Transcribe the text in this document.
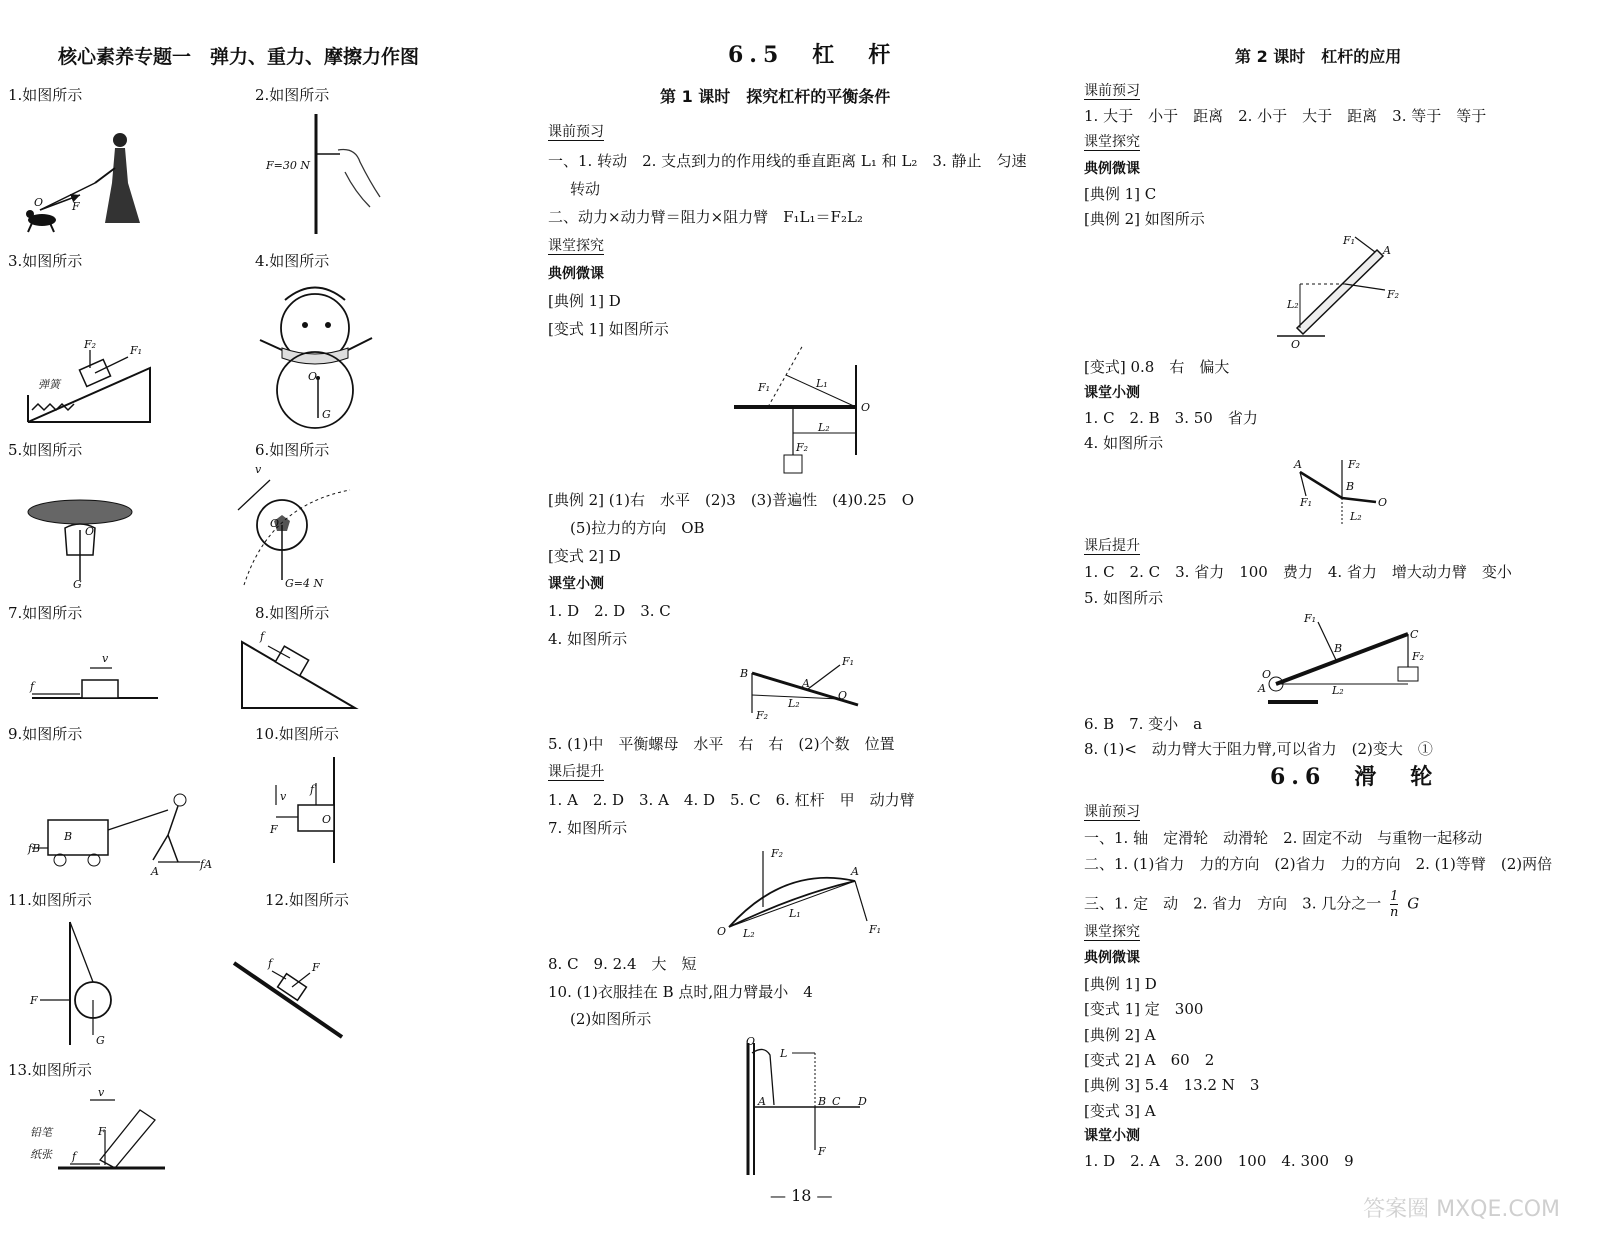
核心素养专题一　弹力、重力、摩擦力作图
1.如图所示	2.如图所示
3.如图所示	4.如图所示
5.如图所示	6.如图所示
7.如图所示	8.如图所示
9.如图所示	10.如图所示
11.如图所示	12.如图所示
13.如图所示
O	F
F=30 N
弹簧
F₂	F₁
O
G
O
G
v
O
G=4 N
v
f
f
B
fB
A
fA
v
f
F
O
F
G
f	F
v
铅笔
纸张
F
f
6.5　杠　杆
第 1 课时　探究杠杆的平衡条件
课前预习
一、1. 转动　2. 支点到力的作用线的垂直距离 L₁ 和 L₂　3. 静止　匀速
转动
二、动力×动力臂＝阻力×阻力臂　F₁L₁＝F₂L₂
课堂探究
典例微课
[典例 1] D
[变式 1] 如图所示
F₁	L₁
O
L₂
F₂
[典例 2] (1)右　水平　(2)3　(3)普遍性　(4)0.25　O
(5)拉力的方向　OB
[变式 2] D
课堂小测
1. D　2. D　3. C
4. 如图所示
B
A
O
F₁
F₂
L₂
5. (1)中　平衡螺母　水平　右　右　(2)个数　位置
课后提升
1. A　2. D　3. A　4. D　5. C　6. 杠杆　甲　动力臂
7. 如图所示
F₂
A
O
L₁
L₂	F₁
8. C　9. 2.4　大　短
10. (1)衣服挂在 B 点时,阻力臂最小　4
(2)如图所示
O
L
A	B C D
F
第 2 课时　杠杆的应用
课前预习
1. 大于　小于　距离　2. 小于　大于　距离　3. 等于　等于
课堂探究
典例微课
[典例 1] C
[典例 2] 如图所示
F₁
A
F₂
L₂
O
[变式] 0.8　右　偏大
课堂小测
1. C　2. B　3. 50　省力
4. 如图所示
A	F₂
B
F₁	O
L₂
课后提升
1. C　2. C　3. 省力　100　费力　4. 省力　增大动力臂　变小
5. 如图所示
F₁
B
C
F₂
O
A	L₂
6. B　7. 变小　a
8. (1)<　动力臂大于阻力臂,可以省力　(2)变大　①
6.6　滑　轮
课前预习
一、1. 轴　定滑轮　动滑轮　2. 固定不动　与重物一起移动
二、1. (1)省力　力的方向　(2)省力　力的方向　2. (1)等臂　(2)两倍
三、1. 定　动　2. 省力　方向　3. 几分之一 $\frac{1}{n}$ G
课堂探究
典例微课
[典例 1] D
[变式 1] 定　300
[典例 2] A
[变式 2] A　60　2
[典例 3] 5.4　13.2 N　3
[变式 3] A
课堂小测
1. D　2. A　3. 200　100　4. 300　9
— 18 —
答案圈 MXQE.COM
